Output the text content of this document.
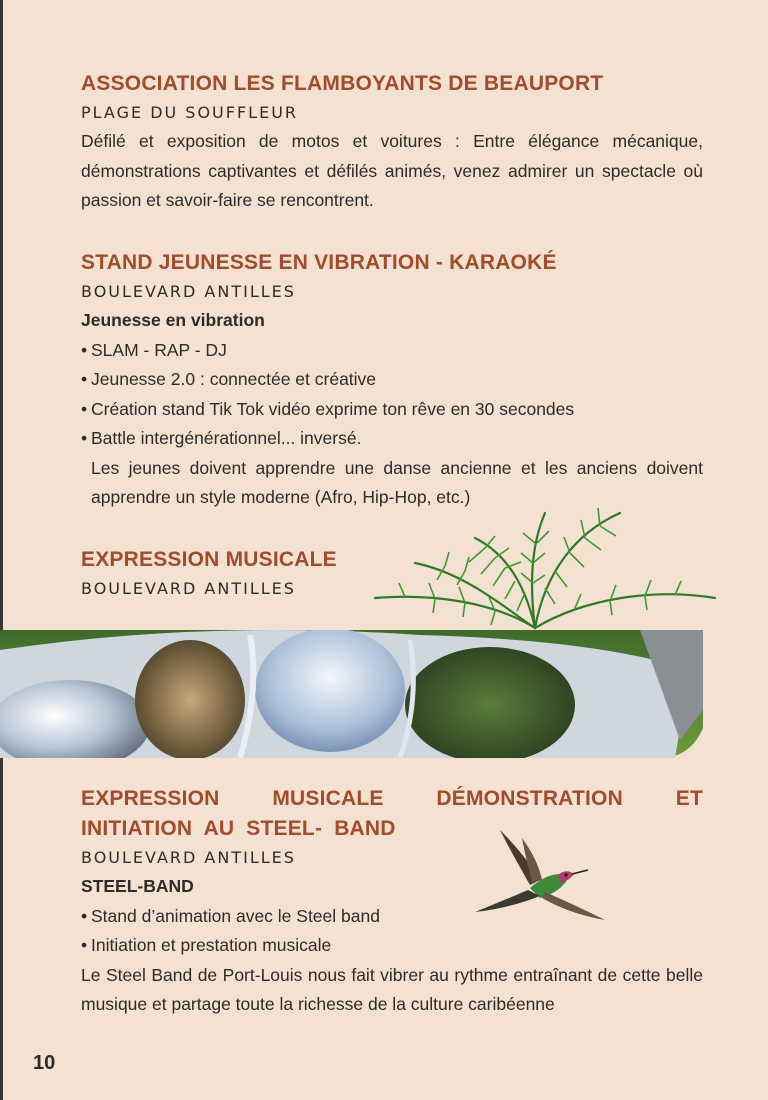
ASSOCIATION LES FLAMBOYANTS DE BEAUPORT

PLAGE DU SOUFFLEUR

Défilé et exposition de motos et voitures : Entre élégance mécanique, démonstrations captivantes et défilés animés, venez admirer un spectacle où passion et savoir-faire se rencontrent.

STAND JEUNESSE EN VIBRATION - KARAOKÉ

BOULEVARD ANTILLES

Jeunesse en vibration

• SLAM - RAP - DJ

• Jeunesse 2.0 : connectée et créative

• Création stand Tik Tok vidéo exprime ton rêve en 30 secondes

• Battle intergénérationnel... inversé.

Les jeunes doivent apprendre une danse ancienne et les anciens doivent apprendre un style moderne (Afro, Hip-Hop, etc.)

EXPRESSION MUSICALE

BOULEVARD ANTILLES

EXPRESSION MUSICALE DÉMONSTRATION ET INITIATION AU STEEL- BAND

BOULEVARD ANTILLES

STEEL-BAND

• Stand d’animation avec le Steel band

• Initiation et prestation musicale

Le Steel Band de Port-Louis nous fait vibrer au rythme entraînant de cette belle musique et partage toute la richesse de la culture caribéenne

10
